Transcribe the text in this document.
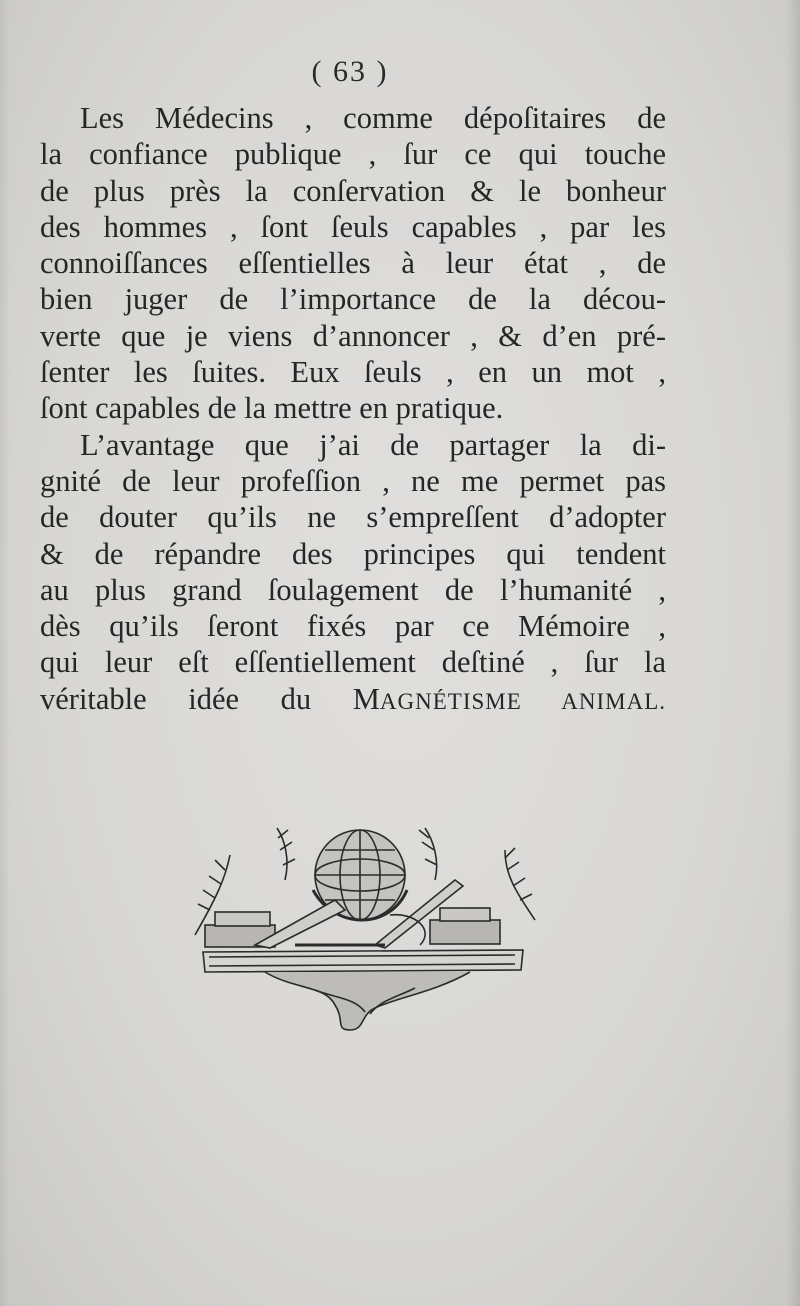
( 63 )
Les Médecins , comme dépoſitaires de
la confiance publique , ſur ce qui touche
de plus près la conſervation & le bonheur
des hommes , ſont ſeuls capables , par les
connoiſſances eſſentielles à leur état , de
bien juger de l’importance de la décou-
verte que je viens d’annoncer , & d’en pré-
ſenter les ſuites. Eux ſeuls , en un mot ,
ſont capables de la mettre en pratique.
L’avantage que j’ai de partager la di-
gnité de leur profeſſion , ne me permet pas
de douter qu’ils ne s’empreſſent d’adopter
& de répandre des principes qui tendent
au plus grand ſoulagement de l’humanité ,
dès qu’ils ſeront fixés par ce Mémoire ,
qui leur eſt eſſentiellement deſtiné , ſur la
véritable idée du MAGNÉTISME ANIMAL.
